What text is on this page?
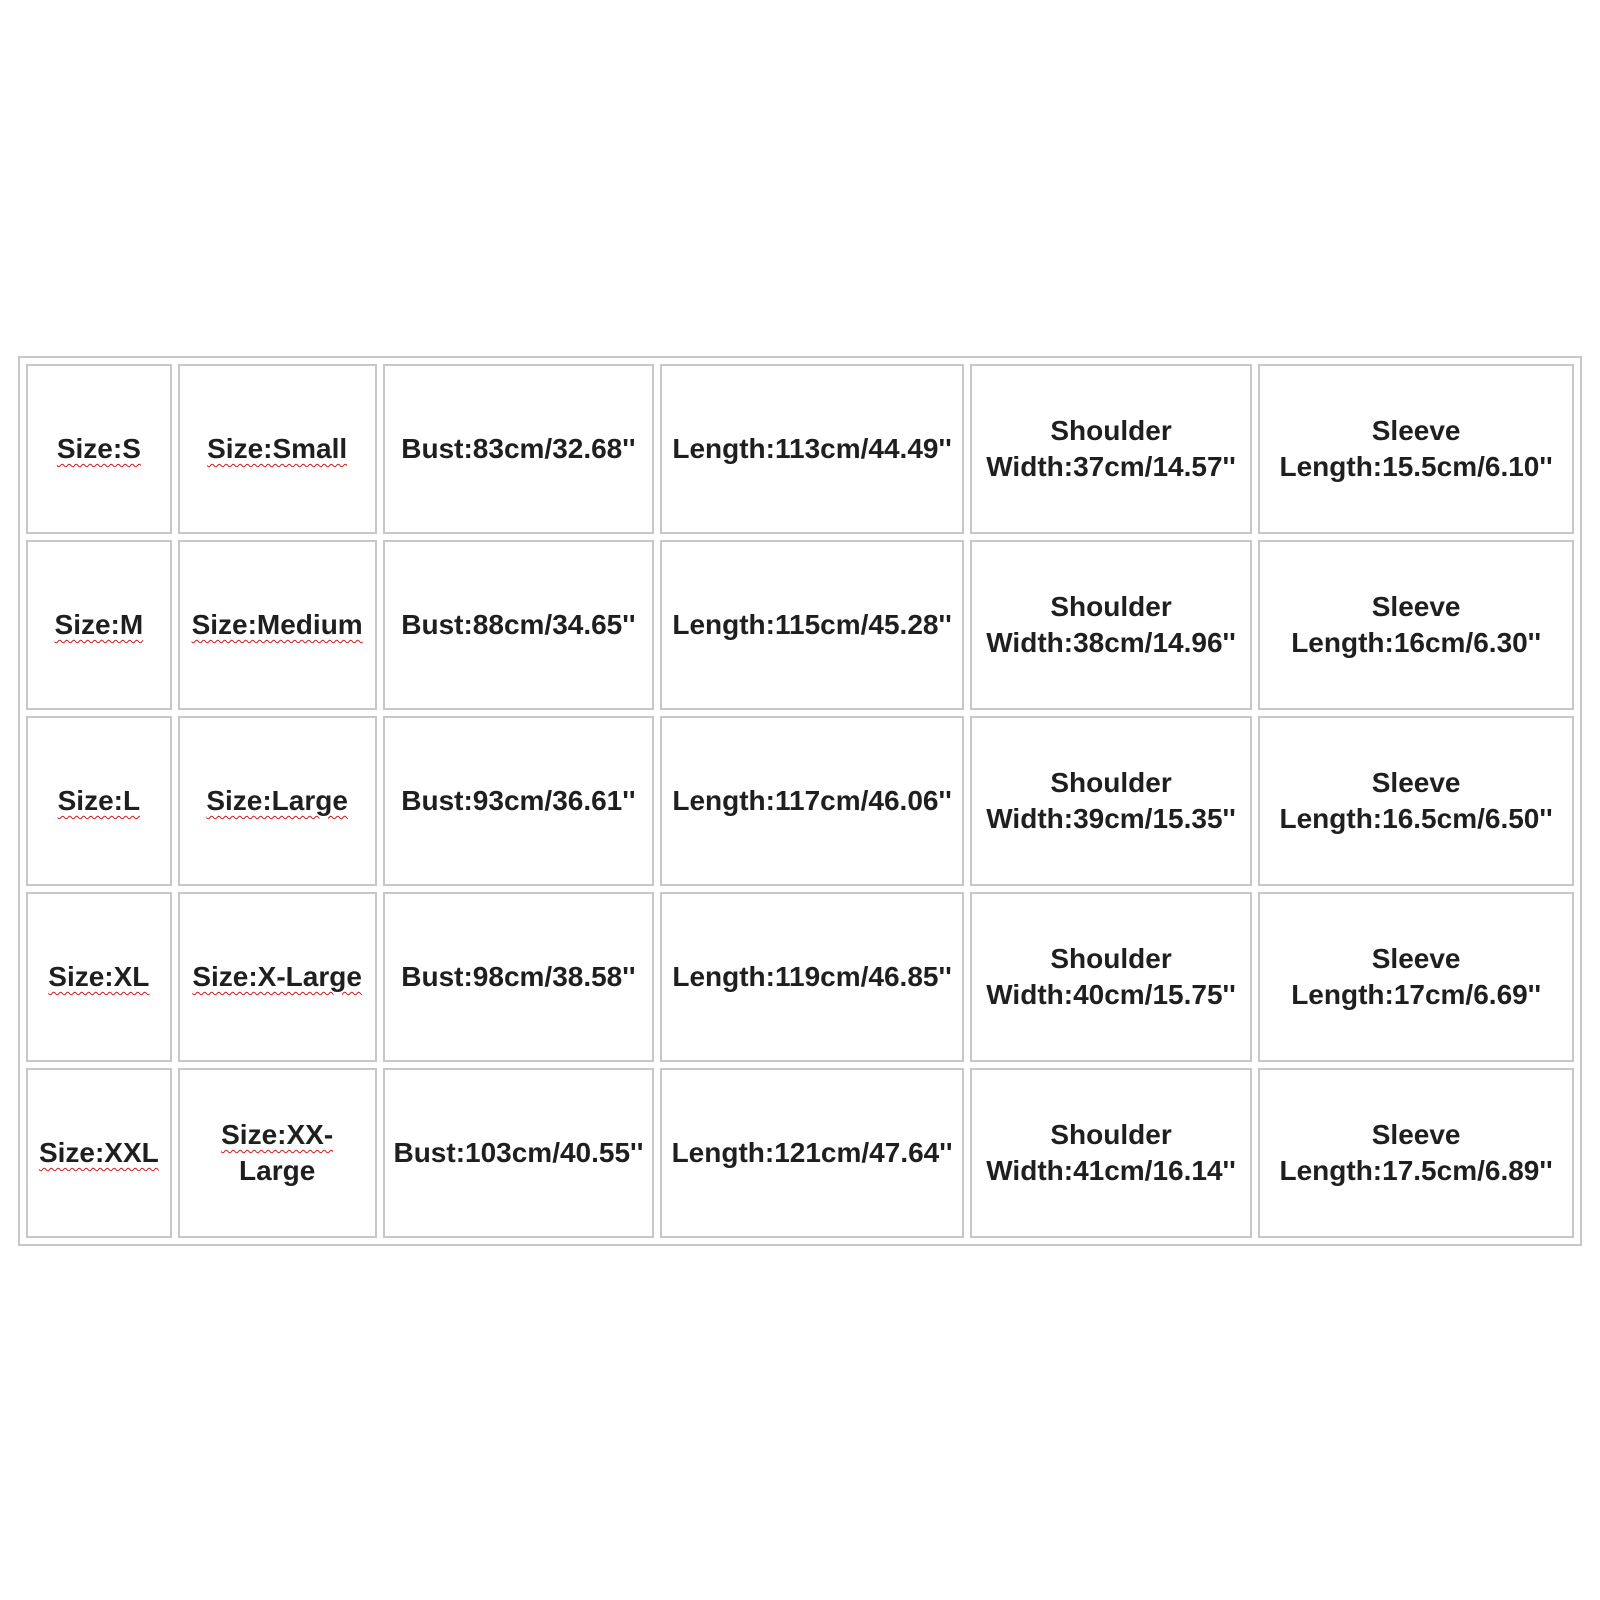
Size:S	Size:Small	Bust:83cm/32.68''	Length:113cm/44.49''	Shoulder
Width:37cm/14.57''	Sleeve
Length:15.5cm/6.10''

Size:M	Size:Medium	Bust:88cm/34.65''	Length:115cm/45.28''	Shoulder
Width:38cm/14.96''	Sleeve
Length:16cm/6.30''

Size:L	Size:Large	Bust:93cm/36.61''	Length:117cm/46.06''	Shoulder
Width:39cm/15.35''	Sleeve
Length:16.5cm/6.50''

Size:XL	Size:X-Large	Bust:98cm/38.58''	Length:119cm/46.85''	Shoulder
Width:40cm/15.75''	Sleeve
Length:17cm/6.69''

Size:XXL	Size:XX-
Large	Bust:103cm/40.55''	Length:121cm/47.64''	Shoulder
Width:41cm/16.14''	Sleeve
Length:17.5cm/6.89''
